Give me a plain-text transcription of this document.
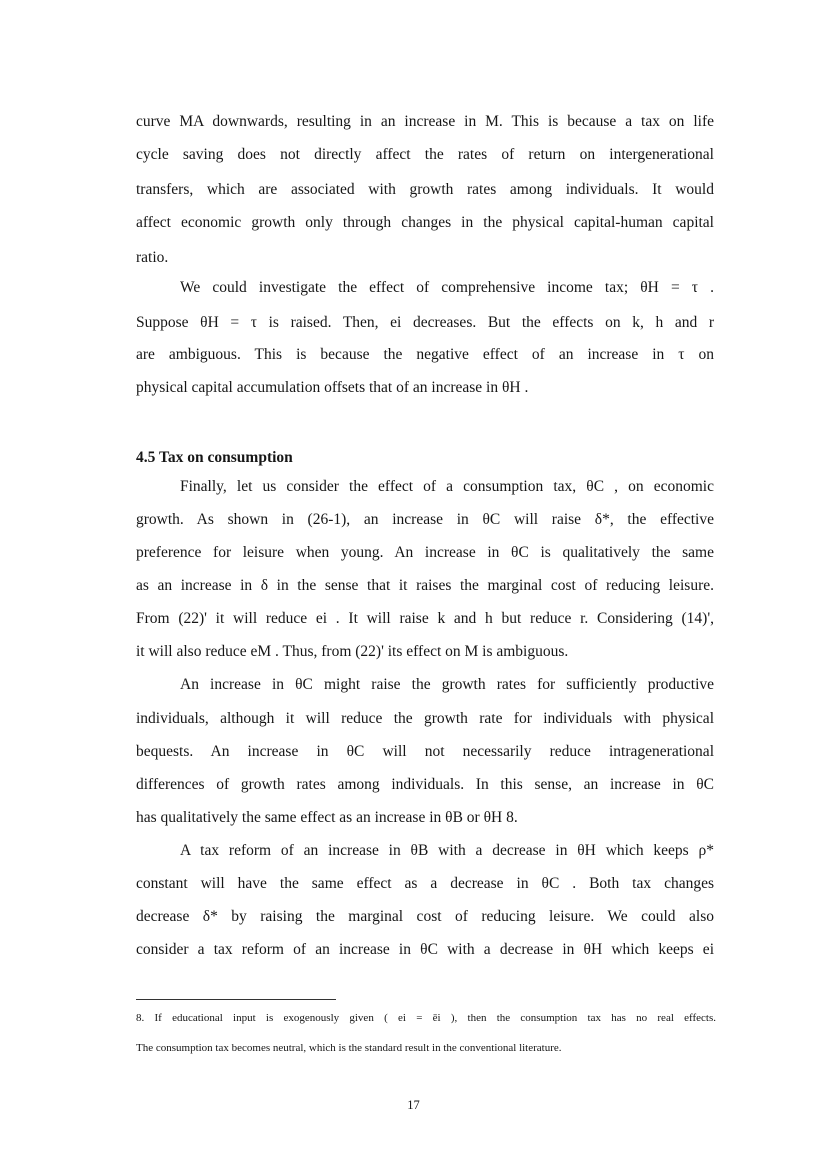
curve MA downwards, resulting in an increase in M. This is because a tax on life
cycle saving does not directly affect the rates of return on intergenerational
transfers, which are associated with growth rates among individuals. It would
affect economic growth only through changes in the physical capital-human capital
ratio.
We could investigate the effect of comprehensive income tax; θH = τ .
Suppose θH = τ is raised. Then, ei decreases. But the effects on k, h and r
are ambiguous. This is because the negative effect of an increase in τ on
physical capital accumulation offsets that of an increase in θH .
4.5 Tax on consumption
Finally, let us consider the effect of a consumption tax, θC , on economic
growth. As shown in (26-1), an increase in θC will raise δ*, the effective
preference for leisure when young. An increase in θC is qualitatively the same
as an increase in δ in the sense that it raises the marginal cost of reducing leisure.
From (22)' it will reduce ei . It will raise k and h but reduce r. Considering (14)',
it will also reduce eM . Thus, from (22)' its effect on M is ambiguous.
An increase in θC might raise the growth rates for sufficiently productive
individuals, although it will reduce the growth rate for individuals with physical
bequests. An increase in θC will not necessarily reduce intragenerational
differences of growth rates among individuals. In this sense, an increase in θC
has qualitatively the same effect as an increase in θB or θH 8.
A tax reform of an increase in θB with a decrease in θH which keeps ρ*
constant will have the same effect as a decrease in θC . Both tax changes
decrease δ* by raising the marginal cost of reducing leisure. We could also
consider a tax reform of an increase in θC with a decrease in θH which keeps ei
8. If educational input is exogenously given ( ei = ēi ), then the consumption tax has no real effects.
The consumption tax becomes neutral, which is the standard result in the conventional literature.
17
